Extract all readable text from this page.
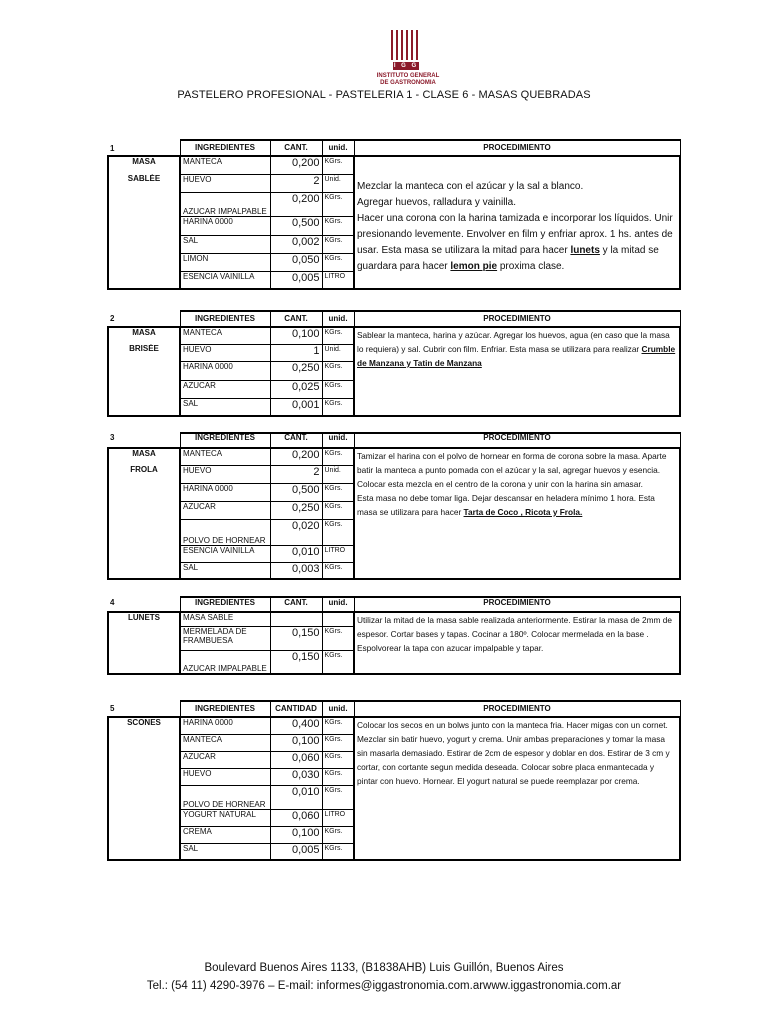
I G G
INSTITUTO GENERAL
DE GASTRONOMIA
PASTELERO PROFESIONAL - PASTELERIA 1 - CLASE 6 - MASAS QUEBRADAS
1
		INGREDIENTES	CANT.	unid.	PROCEDIMIENTO
MASA	MANTECA	0,200	KGrs.	Mezclar la manteca con el azúcar y la sal a blanco.
Agregar huevos, ralladura y vainilla.
Hacer una corona con la harina tamizada e incorporar los líquidos. Unir presionando levemente. Envolver en film y enfriar aprox. 1 hs. antes de usar. Esta masa se utilizara la mitad para hacer lunets y la mitad se guardara para hacer lemon pie proxima clase.
SABLÉE	HUEVO	2	Unid.	
	AZUCAR IMPALPABLE	0,200	KGrs.	
	HARINA 0000	0,500	KGrs.	
	SAL	0,002	KGrs.	
	LIMON	0,050	KGrs.	
	ESENCIA VAINILLA	0,005	LITRO	
2
		INGREDIENTES	CANT.	unid.	PROCEDIMIENTO
MASA	MANTECA	0,100	KGrs.	Sablear la manteca, harina y azúcar. Agregar los huevos, agua (en caso que la masa lo requiera) y sal. Cubrir con film. Enfriar. Esta masa se utilizara para realizar Crumble de Manzana y Tatin de Manzana
BRISÉE	HUEVO	1	Unid.	
	HARINA 0000	0,250	KGrs.	
	AZUCAR	0,025	KGrs.	
	SAL	0,001	KGrs.	
3
		INGREDIENTES	CANT.	unid.	PROCEDIMIENTO
MASA	MANTECA	0,200	KGrs.	Tamizar el harina con el polvo de hornear en forma de corona sobre la masa. Aparte batir la manteca a punto pomada con el azúcar y la sal, agregar huevos y esencia. Colocar esta mezcla en el centro de la corona y unir con la harina sin amasar.
Esta masa no debe tomar liga. Dejar descansar en heladera mínimo 1 hora. Esta masa se utilizara para hacer Tarta de Coco , Ricota y Frola.
FROLA	HUEVO	2	Unid.	
	HARINA 0000	0,500	KGrs.	
	AZUCAR	0,250	KGrs.	
	POLVO DE HORNEAR	0,020	KGrs.	
	ESENCIA VAINILLA	0,010	LITRO	
	SAL	0,003	KGrs.	
4
		INGREDIENTES	CANT.	unid.	PROCEDIMIENTO
LUNETS	MASA SABLE			Utilizar la mitad de la masa sable realizada anteriormente. Estirar la masa de 2mm de espesor. Cortar bases y tapas. Cocinar a 180º. Colocar mermelada en la base . Espolvorear la tapa con azucar impalpable y tapar.
	MERMELADA DE FRAMBUESA	0,150	KGrs.	
	AZUCAR IMPALPABLE	0,150	KGrs.	
5
		INGREDIENTES	CANTIDAD	unid.	PROCEDIMIENTO
SCONES	HARINA 0000	0,400	KGrs.	Colocar los secos en un bolws junto con la manteca fria. Hacer migas con un cornet. Mezclar sin batir huevo, yogurt y crema. Unir ambas preparaciones y tomar la masa sin masarla demasiado. Estirar de 2cm de espesor y doblar en dos. Estirar de 3 cm y cortar, con cortante segun medida deseada. Colocar sobre placa enmantecada y pintar con huevo. Hornear. El yogurt natural se puede reemplazar por crema.
	MANTECA	0,100	KGrs.	
	AZUCAR	0,060	KGrs.	
	HUEVO	0,030	KGrs.	
	POLVO DE HORNEAR	0,010	KGrs.	
	YOGURT NATURAL	0,060	LITRO	
	CREMA	0,100	KGrs.	
	SAL	0,005	KGrs.	
Boulevard Buenos Aires 1133, (B1838AHB) Luis Guillón, Buenos Aires
Tel.: (54 11) 4290-3976 – E-mail: informes@iggastronomia.com.arwww.iggastronomia.com.ar
